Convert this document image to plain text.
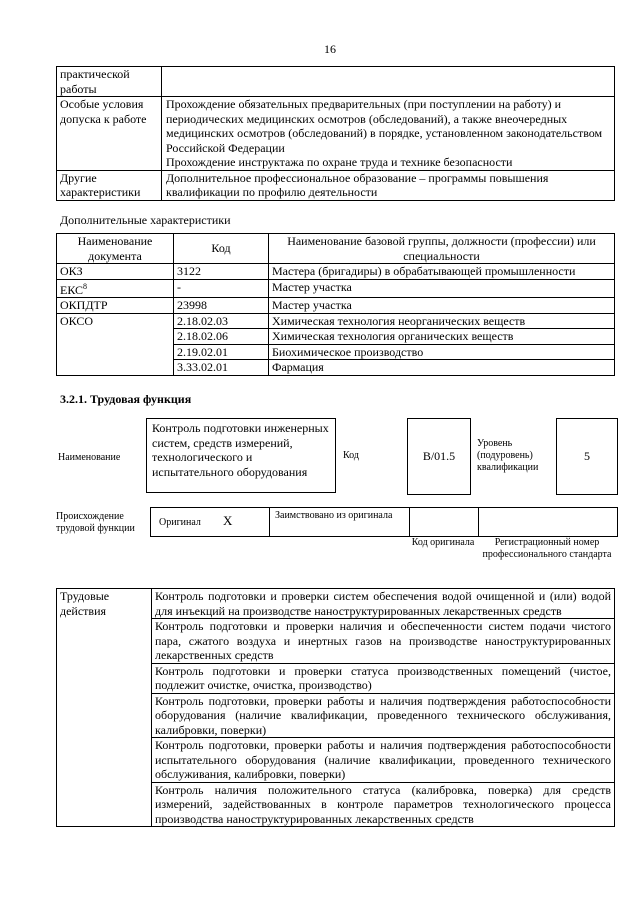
16
практической работы	
Особые условия допуска к работе	Прохождение обязательных предварительных (при поступлении на работу) и периодических медицинских осмотров (обследований), а также внеочередных медицинских осмотров (обследований) в порядке, установленном законодательством Российской Федерации
Прохождение инструктажа по охране труда и технике безопасности

Другие характеристики	Дополнительное профессиональное образование – программы повышения квалификации по профилю деятельности
Дополнительные характеристики
Наименование документа	Код	Наименование базовой группы, должности (профессии) или специальности
ОКЗ	3122	Мастера (бригадиры) в обрабатывающей промышленности
ЕКС$^8$	-	Мастер участка
ОКПДТР	23998	Мастер участка
ОКСО	2.18.02.03	Химическая технология неорганических веществ
	2.18.02.06	Химическая технология органических веществ
	2.19.02.01	Биохимическое производство
	3.33.02.01	Фармация
3.2.1. Трудовая функция
Наименование
Контроль подготовки инженерных систем, средств измерений, технологического и испытательного оборудования
Код	B/01.5
Уровень (подуровень) квалификации
5
Происхождение трудовой функции
Оригинал X	Заимствовано из оригинала
Код оригинала	Регистрационный номер профессионального стандарта
Трудовые действия	Контроль подготовки и проверки систем обеспечения водой очищенной и (или) водой для инъекций на производстве наноструктурированных лекарственных средств
Контроль подготовки и проверки наличия и обеспеченности систем подачи чистого пара, сжатого воздуха и инертных газов на производстве наноструктурированных лекарственных средств
Контроль подготовки и проверки статуса производственных помещений (чистое, подлежит очистке, очистка, производство)
Контроль подготовки, проверки работы и наличия подтверждения работоспособности оборудования (наличие квалификации, проведенного технического обслуживания, калибровки, поверки)
Контроль подготовки, проверки работы и наличия подтверждения работоспособности испытательного оборудования (наличие квалификации, проведенного технического обслуживания, калибровки, поверки)
Контроль наличия положительного статуса (калибровка, поверка) для средств измерений, задействованных в контроле параметров технологического процесса производства наноструктурированных лекарственных средств
